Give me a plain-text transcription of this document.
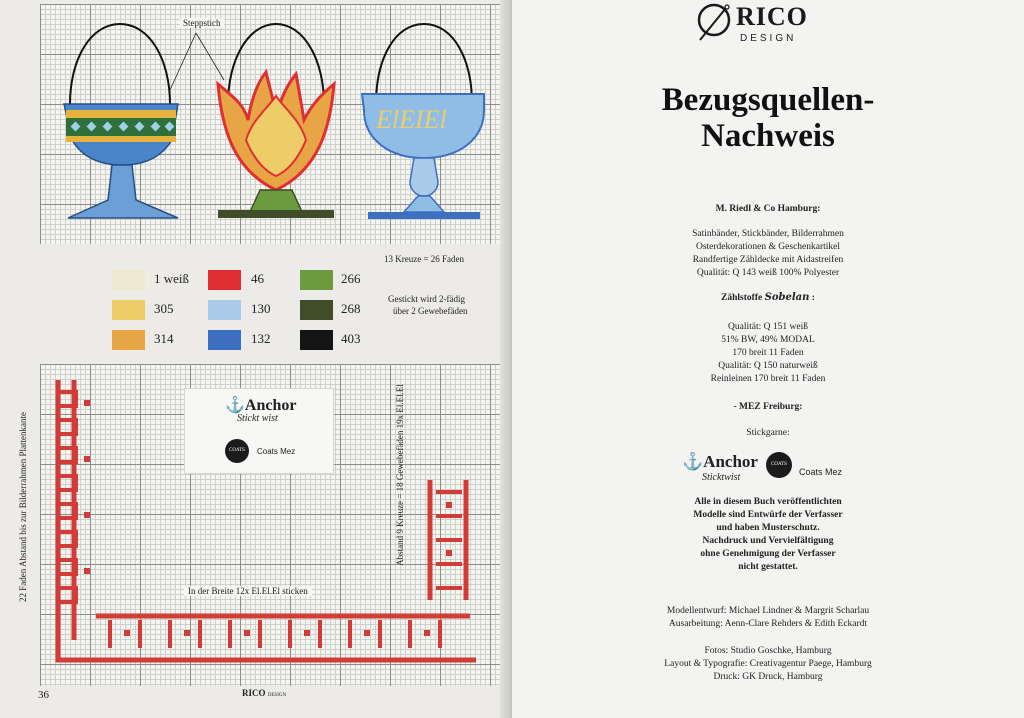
ElEIEl
Steppstich
1 weiß
305
314
46
130
132
266
268
403
13 Kreuze = 26 Faden
Gestickt wird 2-fädig
über 2 Gewebefäden
⚓Anchor
Stickt wist
COATS	Coats Mez
In der Breite 12x El.El.El sticken
Abstand 9 Kreuze = 18 Gewebefäden 19x El.El.El
22 Faden Abstand bis zur Bilderrahmen Plattenkante
36	RICO DESIGN
RICO
DESIGN
Bezugsquellen-
Nachweis
M. Riedl & Co Hamburg:
Satinbänder, Stickbänder, Bilderrahmen
Osterdekorationen & Geschenkartikel
Randfertige Zähldecke mit Aidastreifen
Qualität: Q 143 weiß 100% Polyester
Zählstoffe Sobelan :
Qualität: Q 151 weiß
51% BW, 49% MODAL
170 breit 11 Faden
Qualität: Q 150 naturweiß
Reinleinen 170 breit 11 Faden
- MEZ Freiburg:
Stickgarne:
⚓Anchor
Sticktwist
COATS
Coats Mez
Alle in diesem Buch veröffentlichten
Modelle sind Entwürfe der Verfasser
und haben Musterschutz.
Nachdruck und Vervielfältigung
ohne Genehmigung der Verfasser
nicht gestattet.
Modellentwurf: Michael Lindner & Margrit Scharlau
Ausarbeitung: Aenn-Clare Rehders & Edith Eckardt
Fotos: Studio Goschke, Hamburg
Layout & Typografie: Creativagentur Paege, Hamburg
Druck: GK Druck, Hamburg
